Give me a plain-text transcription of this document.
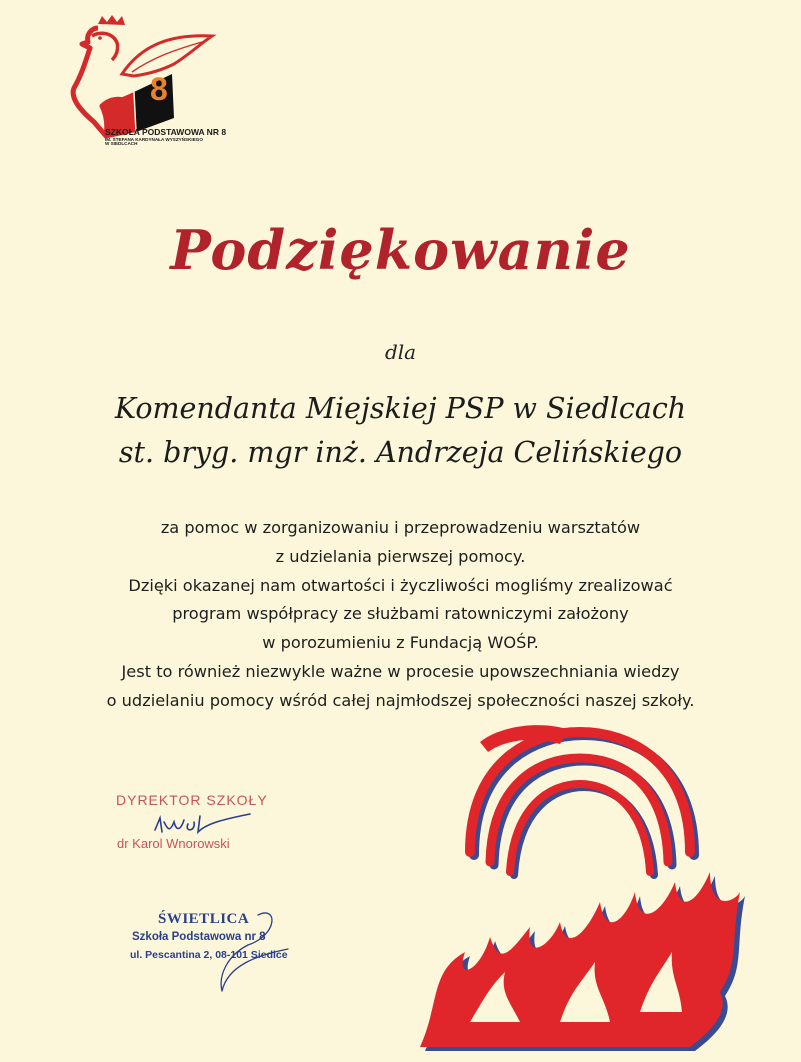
8
SZKOŁA PODSTAWOWA NR 8
IM. STEFANA KARDYNAŁA WYSZYŃSKIEGO
W SIEDLCACH
Podziękowanie
dla
Komendanta Miejskiej PSP w Siedlcach
st. bryg. mgr inż. Andrzeja Celińskiego
za pomoc w zorganizowaniu i przeprowadzeniu warsztatów
z udzielania pierwszej pomocy.
Dzięki okazanej nam otwartości i życzliwości mogliśmy zrealizować
program współpracy ze służbami ratowniczymi założony
w porozumieniu z Fundacją WOŚP.
Jest to również niezwykle ważne w procesie upowszechniania wiedzy
o udzielaniu pomocy wśród całej najmłodszej społeczności naszej szkoły.
DYREKTOR SZKOŁY
dr Karol Wnorowski
ŚWIETLICA
Szkoła Podstawowa nr 8
ul. Pescantina 2, 08-101 Siedlce
